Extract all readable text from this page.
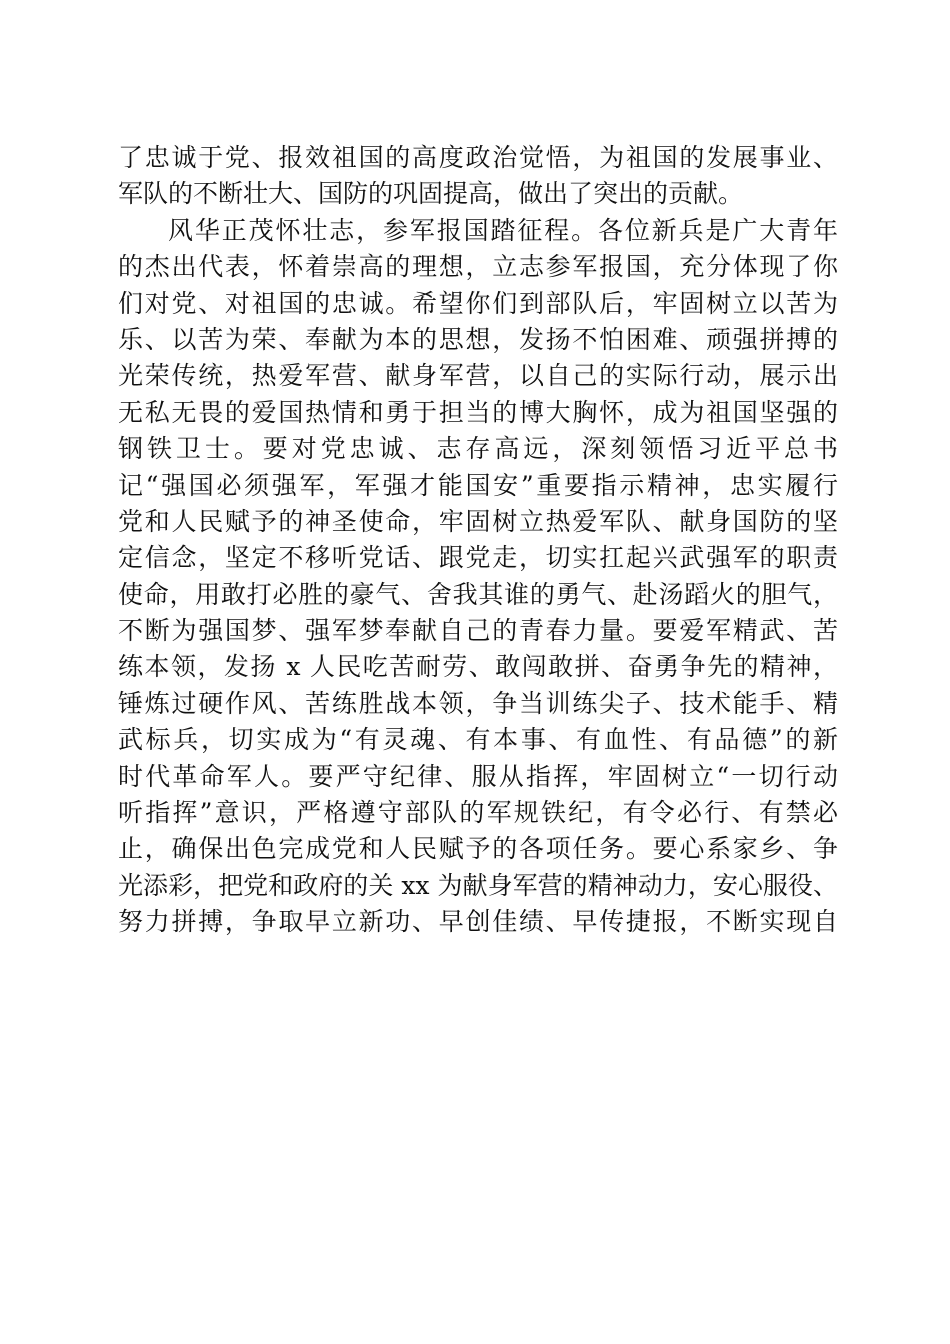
了忠诚于党、报效祖国的高度政治觉悟，为祖国的发展事业、
军队的不断壮大、国防的巩固提高，做出了突出的贡献。
风华正茂怀壮志，参军报国踏征程。各位新兵是广大青年
的杰出代表，怀着崇高的理想，立志参军报国，充分体现了你
们对党、对祖国的忠诚。希望你们到部队后，牢固树立以苦为
乐、以苦为荣、奉献为本的思想，发扬不怕困难、顽强拼搏的
光荣传统，热爱军营、献身军营，以自己的实际行动，展示出
无私无畏的爱国热情和勇于担当的博大胸怀，成为祖国坚强的
钢铁卫士。要对党忠诚、志存高远，深刻领悟习近平总书
记“强国必须强军，军强才能国安”重要指示精神，忠实履行
党和人民赋予的神圣使命，牢固树立热爱军队、献身国防的坚
定信念，坚定不移听党话、跟党走，切实扛起兴武强军的职责
使命，用敢打必胜的豪气、舍我其谁的勇气、赴汤蹈火的胆气，
不断为强国梦、强军梦奉献自己的青春力量。要爱军精武、苦
练本领，发扬 x 人民吃苦耐劳、敢闯敢拼、奋勇争先的精神，
锤炼过硬作风、苦练胜战本领，争当训练尖子、技术能手、精
武标兵，切实成为“有灵魂、有本事、有血性、有品德”的新
时代革命军人。要严守纪律、服从指挥，牢固树立“一切行动
听指挥”意识，严格遵守部队的军规铁纪，有令必行、有禁必
止，确保出色完成党和人民赋予的各项任务。要心系家乡、争
光添彩，把党和政府的关 xx 为献身军营的精神动力，安心服役、
努力拼搏，争取早立新功、早创佳绩、早传捷报，不断实现自
